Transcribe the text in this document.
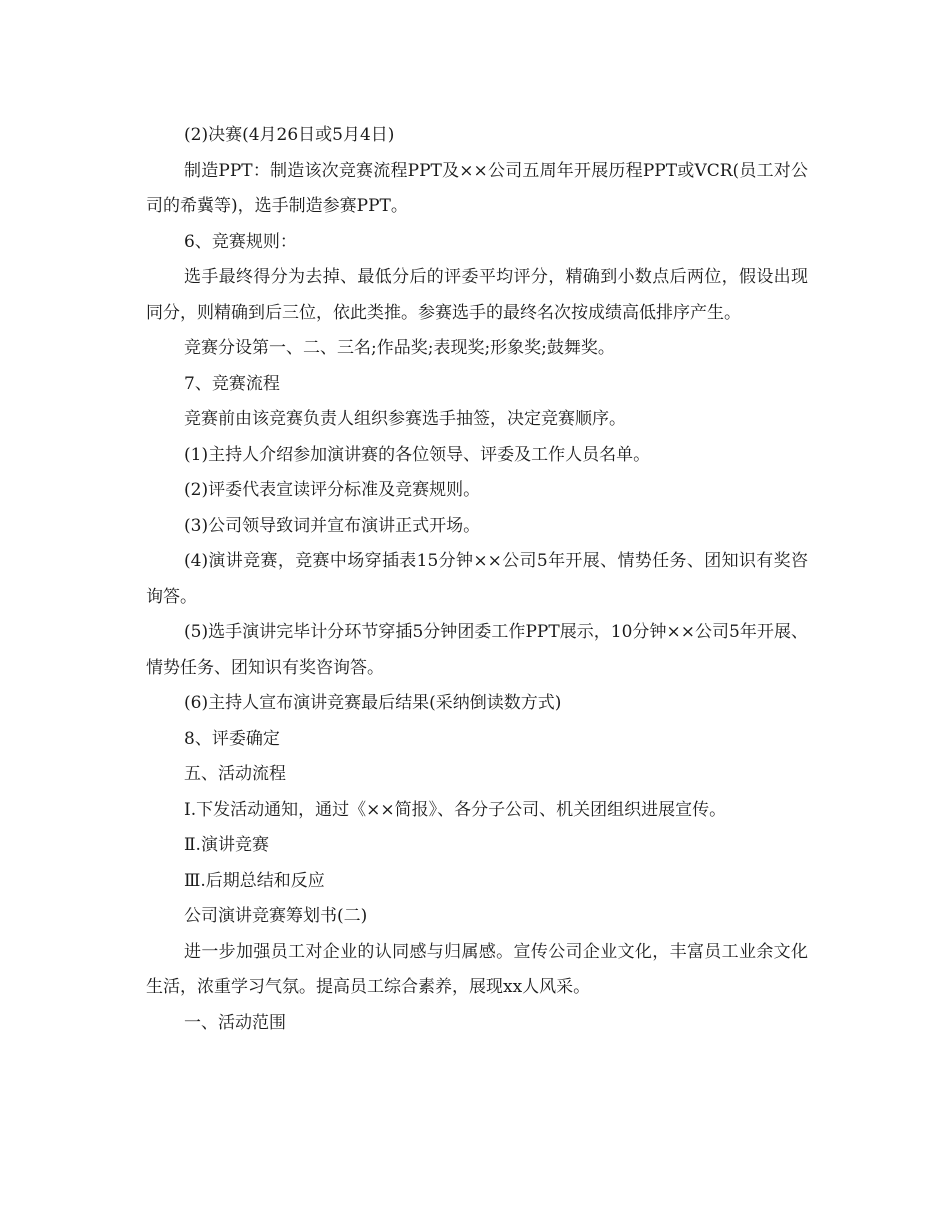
(2)决赛(4月26日或5月4日)

制造PPT：制造该次竞赛流程PPT及××公司五周年开展历程PPT或VCR(员工对公司的希冀等)，选手制造参赛PPT。

6、竞赛规则：

选手最终得分为去掉、最低分后的评委平均评分，精确到小数点后两位，假设出现同分，则精确到后三位，依此类推。参赛选手的最终名次按成绩高低排序产生。

竞赛分设第一、二、三名;作品奖;表现奖;形象奖;鼓舞奖。

7、竞赛流程

竞赛前由该竞赛负责人组织参赛选手抽签，决定竞赛顺序。

(1)主持人介绍参加演讲赛的各位领导、评委及工作人员名单。

(2)评委代表宣读评分标准及竞赛规则。

(3)公司领导致词并宣布演讲正式开场。

(4)演讲竞赛，竞赛中场穿插表15分钟××公司5年开展、情势任务、团知识有奖咨询答。

(5)选手演讲完毕计分环节穿插5分钟团委工作PPT展示，10分钟××公司5年开展、情势任务、团知识有奖咨询答。

(6)主持人宣布演讲竞赛最后结果(采纳倒读数方式)

8、评委确定

五、活动流程

Ⅰ.下发活动通知，通过《××简报》、各分子公司、机关团组织进展宣传。

Ⅱ.演讲竞赛

Ⅲ.后期总结和反应

公司演讲竞赛筹划书(二)

进一步加强员工对企业的认同感与归属感。宣传公司企业文化，丰富员工业余文化生活，浓重学习气氛。提高员工综合素养，展现xx人风采。

一、活动范围
